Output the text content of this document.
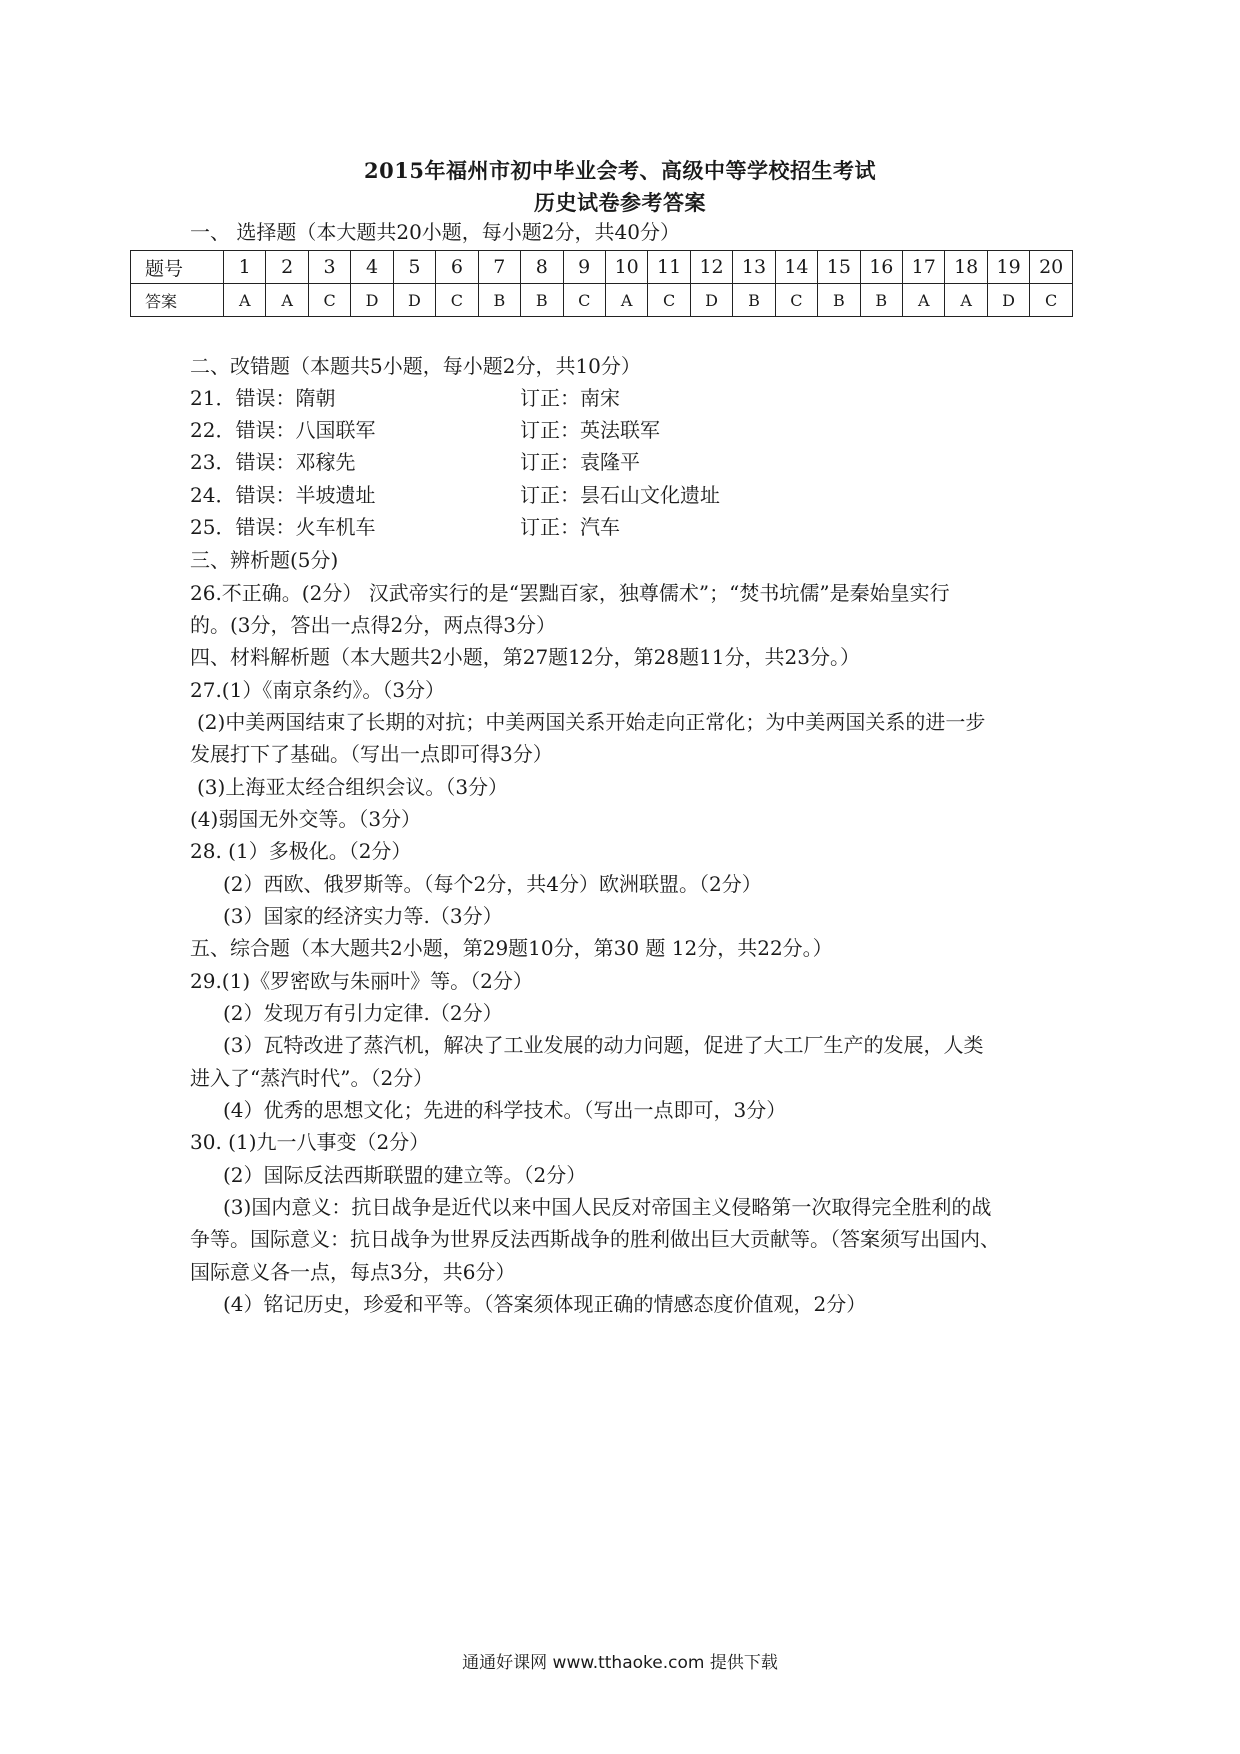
2015年福州市初中毕业会考、高级中等学校招生考试
历史试卷参考答案
一、 选择题（本大题共20小题，每小题2分，共40分）
题号	1	2	3	4	5	6	7	8	9	10	11	12	13	14	15	16	17	18	19	20
答案	A	A	C	D	D	C	B	B	C	A	C	D	B	C	B	B	A	A	D	C
二、改错题（本题共5小题，每小题2分，共10分）
21．错误：隋朝	订正：南宋
22．错误：八国联军	订正：英法联军
23．错误：邓稼先	订正：袁隆平
24．错误：半坡遗址	订正：昙石山文化遗址
25．错误：火车机车	订正：汽车
三、辨析题(5分)
26.不正确。(2分） 汉武帝实行的是“罢黜百家，独尊儒术”；“焚书坑儒”是秦始皇实行
的。(3分，答出一点得2分，两点得3分）
四、材料解析题（本大题共2小题，第27题12分，第28题11分，共23分。）
27.(1）《南京条约》。（3分）
(2)中美两国结束了长期的对抗；中美两国关系开始走向正常化；为中美两国关系的进一步
发展打下了基础。（写出一点即可得3分）
(3)上海亚太经合组织会议。（3分）
(4)弱国无外交等。（3分）
28. (1）多极化。（2分）
(2）西欧、俄罗斯等。（每个2分，共4分）欧洲联盟。（2分）
(3）国家的经济实力等.（3分）
五、综合题（本大题共2小题，第29题10分，第30 题 12分，共22分。）
29.(1)《罗密欧与朱丽叶》等。（2分）
(2）发现万有引力定律.（2分）
(3）瓦特改进了蒸汽机，解决了工业发展的动力问题，促进了大工厂生产的发展，人类
进入了“蒸汽时代”。（2分）
(4）优秀的思想文化；先进的科学技术。（写出一点即可，3分）
30. (1)九一八事变（2分）
(2）国际反法西斯联盟的建立等。（2分）
(3)国内意义：抗日战争是近代以来中国人民反对帝国主义侵略第一次取得完全胜利的战
争等。国际意义：抗日战争为世界反法西斯战争的胜利做出巨大贡献等。（答案须写出国内、
国际意义各一点，每点3分，共6分）
(4）铭记历史，珍爱和平等。（答案须体现正确的情感态度价值观，2分）
通通好课网 www.tthaoke.com 提供下载
